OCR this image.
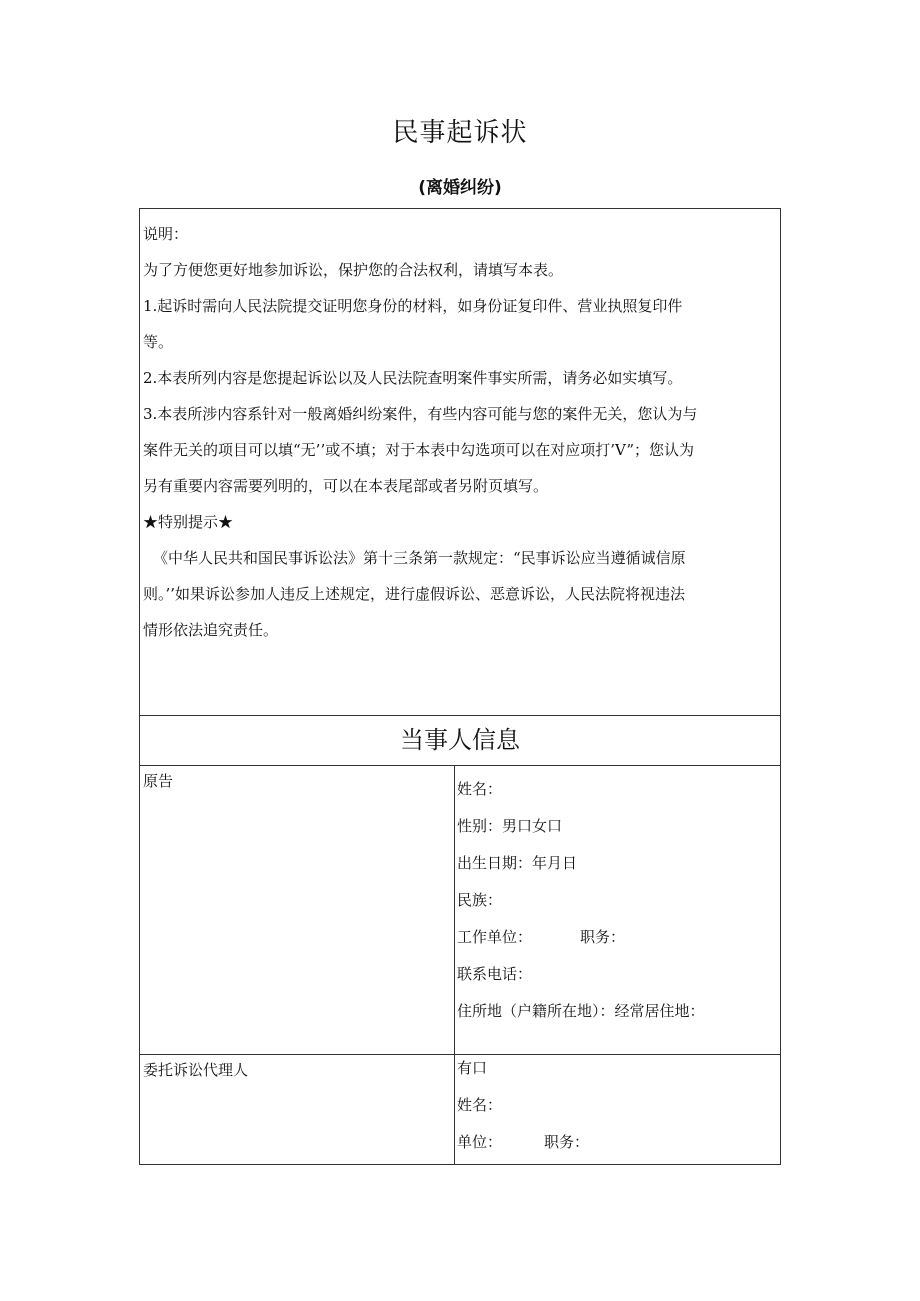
民事起诉状
(离婚纠纷)

说明：

为了方便您更好地参加诉讼，保护您的合法权利，请填写本表。

1.起诉时需向人民法院提交证明您身份的材料，如身份证复印件、营业执照复印件

等。

2.本表所列内容是您提起诉讼以及人民法院查明案件事实所需，请务必如实填写。

3.本表所涉内容系针对一般离婚纠纷案件，有些内容可能与您的案件无关，您认为与

案件无关的项目可以填“无’’或不填；对于本表中勾选项可以在对应项打’V”；您认为

另有重要内容需要列明的，可以在本表尾部或者另附页填写。

★特别提示★

《中华人民共和国民事诉讼法》第十三条第一款规定：“民事诉讼应当遵循诚信原

则。’’如果诉讼参加人违反上述规定，进行虚假诉讼、恶意诉讼，人民法院将视违法

情形依法追究责任。

当事人信息
原告	姓名：
性别：男口女口
出生日期：年月日
民族：
工作单位：	职务：
联系电话：
住所地（户籍所在地）：经常居住地：
委托诉讼代理人	有口
姓名：
单位：	职务：
